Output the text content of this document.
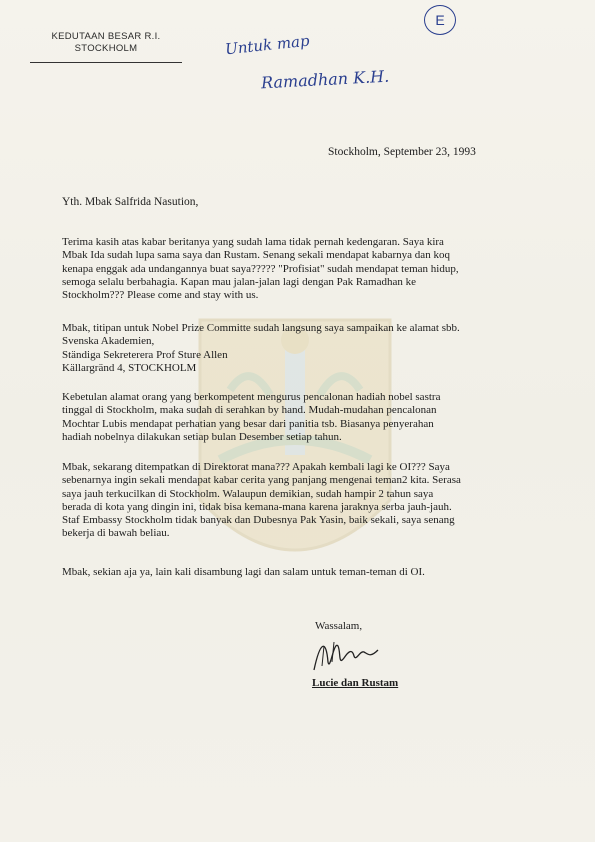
KEDUTAAN BESAR R.I.
STOCKHOLM	Untuk map
Ramadhan K.H.
E
Stockholm, September 23, 1993
Yth. Mbak Salfrida Nasution,
Terima kasih atas kabar beritanya yang sudah lama tidak pernah kedengaran. Saya kira
Mbak Ida sudah lupa sama saya dan Rustam. Senang sekali mendapat kabarnya dan koq
kenapa enggak ada undangannya buat saya????? "Profisiat" sudah mendapat teman hidup,
semoga selalu berbahagia. Kapan mau jalan-jalan lagi dengan Pak Ramadhan ke
Stockholm??? Please come and stay with us.
Mbak, titipan untuk Nobel Prize Committe sudah langsung saya sampaikan ke alamat sbb.
Svenska Akademien,
Ständiga Sekreterera Prof Sture Allen
Källargränd 4, STOCKHOLM
Kebetulan alamat orang yang berkompetent mengurus pencalonan hadiah nobel sastra
tinggal di Stockholm, maka sudah di serahkan by hand. Mudah-mudahan pencalonan
Mochtar Lubis mendapat perhatian yang besar dari panitia tsb. Biasanya penyerahan
hadiah nobelnya dilakukan setiap bulan Desember setiap tahun.
Mbak, sekarang ditempatkan di Direktorat mana??? Apakah kembali lagi ke OI??? Saya
sebenarnya ingin sekali mendapat kabar cerita yang panjang mengenai teman2 kita. Serasa
saya jauh terkucilkan di Stockholm. Walaupun demikian, sudah hampir 2 tahun saya
berada di kota yang dingin ini, tidak bisa kemana-mana karena jaraknya serba jauh-jauh.
Staf Embassy Stockholm tidak banyak dan Dubesnya Pak Yasin, baik sekali, saya senang
bekerja di bawah beliau.
Mbak, sekian aja ya, lain kali disambung lagi dan salam untuk teman-teman di OI.
Wassalam,
Lucie dan Rustam
